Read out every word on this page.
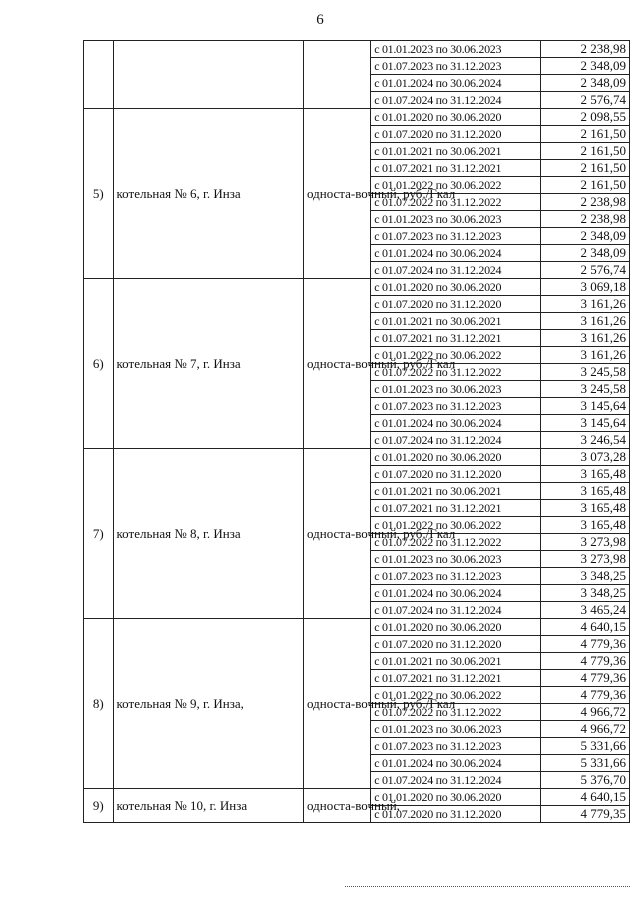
6
			с 01.01.2023 по 30.06.2023	2 238,98
			с 01.07.2023 по 31.12.2023	2 348,09
			с 01.01.2024 по 30.06.2024	2 348,09
			с 01.07.2024 по 31.12.2024	2 576,74
5)	котельная № 6, г. Инза	односта-вочный, руб./Гкал	с 01.01.2020 по 30.06.2020	2 098,55
			с 01.07.2020 по 31.12.2020	2 161,50
			с 01.01.2021 по 30.06.2021	2 161,50
			с 01.07.2021 по 31.12.2021	2 161,50
			с 01.01.2022 по 30.06.2022	2 161,50
			с 01.07.2022 по 31.12.2022	2 238,98
			с 01.01.2023 по 30.06.2023	2 238,98
			с 01.07.2023 по 31.12.2023	2 348,09
			с 01.01.2024 по 30.06.2024	2 348,09
			с 01.07.2024 по 31.12.2024	2 576,74
6)	котельная № 7, г. Инза	односта-вочный, руб./Гкал	с 01.01.2020 по 30.06.2020	3 069,18
			с 01.07.2020 по 31.12.2020	3 161,26
			с 01.01.2021 по 30.06.2021	3 161,26
			с 01.07.2021 по 31.12.2021	3 161,26
			с 01.01.2022 по 30.06.2022	3 161,26
			с 01.07.2022 по 31.12.2022	3 245,58
			с 01.01.2023 по 30.06.2023	3 245,58
			с 01.07.2023 по 31.12.2023	3 145,64
			с 01.01.2024 по 30.06.2024	3 145,64
			с 01.07.2024 по 31.12.2024	3 246,54
7)	котельная № 8, г. Инза	односта-вочный, руб./Гкал	с 01.01.2020 по 30.06.2020	3 073,28
			с 01.07.2020 по 31.12.2020	3 165,48
			с 01.01.2021 по 30.06.2021	3 165,48
			с 01.07.2021 по 31.12.2021	3 165,48
			с 01.01.2022 по 30.06.2022	3 165,48
			с 01.07.2022 по 31.12.2022	3 273,98
			с 01.01.2023 по 30.06.2023	3 273,98
			с 01.07.2023 по 31.12.2023	3 348,25
			с 01.01.2024 по 30.06.2024	3 348,25
			с 01.07.2024 по 31.12.2024	3 465,24
8)	котельная № 9, г. Инза,	односта-вочный, руб./Гкал	с 01.01.2020 по 30.06.2020	4 640,15
			с 01.07.2020 по 31.12.2020	4 779,36
			с 01.01.2021 по 30.06.2021	4 779,36
			с 01.07.2021 по 31.12.2021	4 779,36
			с 01.01.2022 по 30.06.2022	4 779,36
			с 01.07.2022 по 31.12.2022	4 966,72
			с 01.01.2023 по 30.06.2023	4 966,72
			с 01.07.2023 по 31.12.2023	5 331,66
			с 01.01.2024 по 30.06.2024	5 331,66
			с 01.07.2024 по 31.12.2024	5 376,70
9)	котельная № 10, г. Инза	односта-вочный,	с 01.01.2020 по 30.06.2020	4 640,15
			с 01.07.2020 по 31.12.2020	4 779,35
